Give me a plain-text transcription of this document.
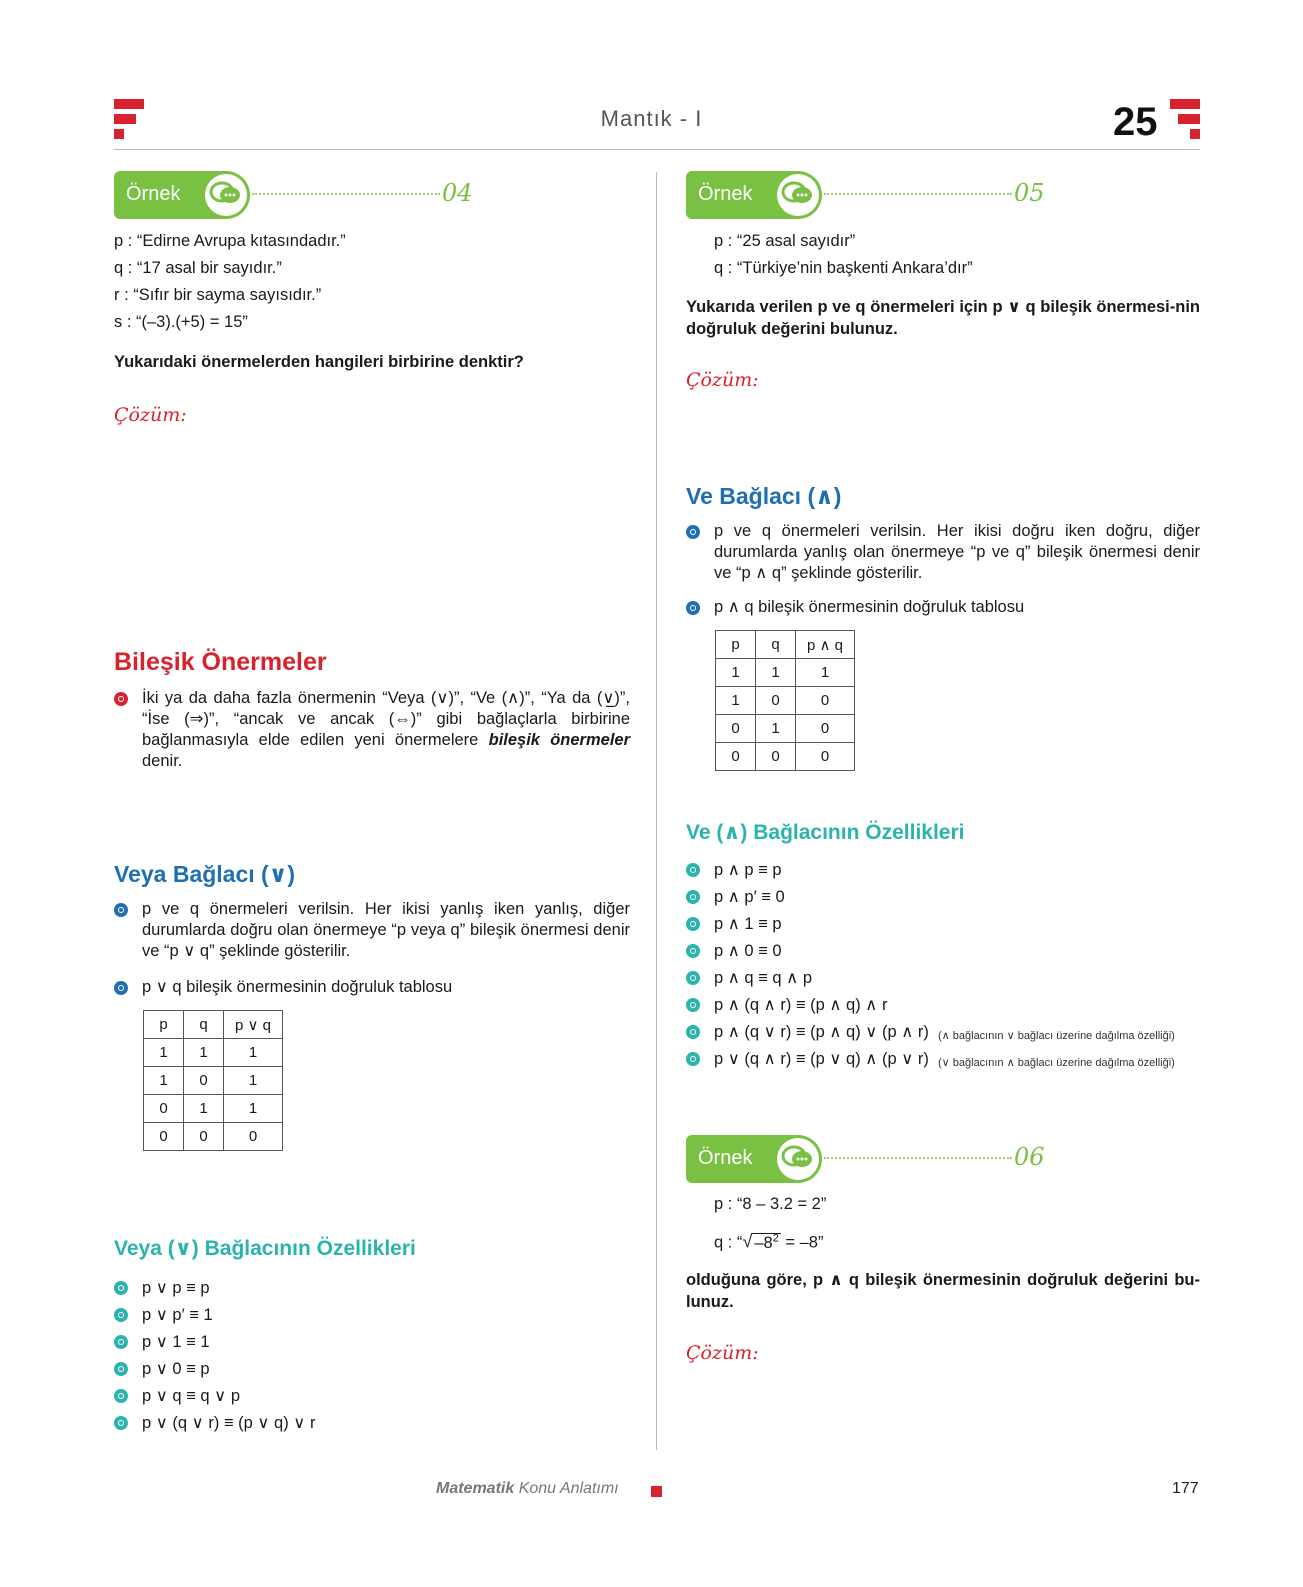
Mantık - I	25
Örnek	04
p : “Edirne Avrupa kıtasındadır.”
q : “17 asal bir sayıdır.”
r : “Sıfır bir sayma sayısıdır.”
s : “(–3).(+5) = 15”
Yukarıdaki önermelerden hangileri birbirine denktir?
Çözüm:
Bileşik Önermeler
İki ya da daha fazla önermenin “Veya (∨)”, “Ve (∧)”, “Ya da (∨̲)”, “İse (⇒)”, “ancak ve ancak (⇔)” gibi bağlaçlarla birbirine bağlanmasıyla elde edilen yeni önermelere bileşik önermeler denir.
Veya Bağlacı (∨)
p ve q önermeleri verilsin. Her ikisi yanlış iken yanlış, diğer durumlarda doğru olan önermeye “p veya q” bileşik önermesi denir ve “p ∨ q” şeklinde gösterilir.
p ∨ q bileşik önermesinin doğruluk tablosu
p	q	p ∨ q
1	1	1
1	0	1
0	1	1
0	0	0
Veya (∨) Bağlacının Özellikleri
p ∨ p ≡ p
p ∨ p′ ≡ 1
p ∨ 1 ≡ 1
p ∨ 0 ≡ p
p ∨ q ≡ q ∨ p
p ∨ (q ∨ r) ≡ (p ∨ q) ∨ r
Örnek	05
p : “25 asal sayıdır”
q : “Türkiye’nin başkenti Ankara’dır”
Yukarıda verilen p ve q önermeleri için p ∨ q bileşik önermesi-nin doğruluk değerini bulunuz.
Çözüm:
Ve Bağlacı (∧)
p ve q önermeleri verilsin. Her ikisi doğru iken doğru, diğer durumlarda yanlış olan önermeye “p ve q” bileşik önermesi denir ve “p ∧ q” şeklinde gösterilir.
p ∧ q bileşik önermesinin doğruluk tablosu
p	q	p ∧ q
1	1	1
1	0	0
0	1	0
0	0	0
Ve (∧) Bağlacının Özellikleri
p ∧ p ≡ p
p ∧ p′ ≡ 0
p ∧ 1 ≡ p
p ∧ 0 ≡ 0
p ∧ q ≡ q ∧ p
p ∧ (q ∧ r) ≡ (p ∧ q) ∧ r
p ∧ (q ∨ r) ≡ (p ∧ q) ∨ (p ∧ r) (∧ bağlacının ∨ bağlacı üzerine dağılma özelliği)
p ∨ (q ∧ r) ≡ (p ∨ q) ∧ (p ∨ r) (∨ bağlacının ∧ bağlacı üzerine dağılma özelliği)
Örnek	06
p : “8 – 3.2 = 2”
q : “√ $-8^2 = -8$”
olduğuna göre, p ∧ q bileşik önermesinin doğruluk değerini bu-lunuz.
Çözüm:
Matematik Konu Anlatımı	177
